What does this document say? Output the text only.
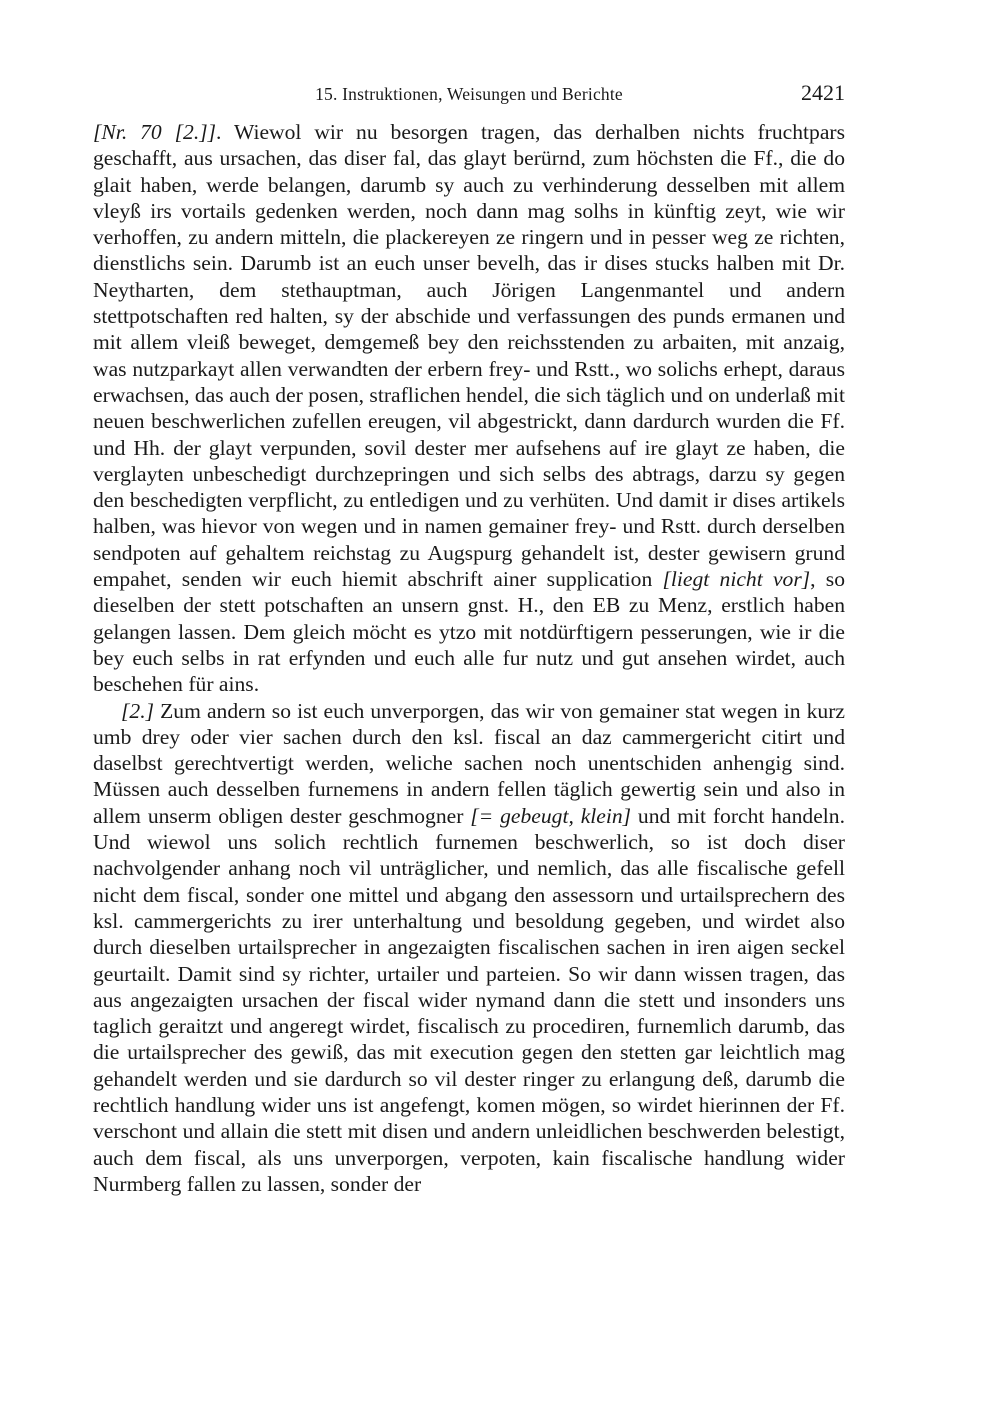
15. Instruktionen, Weisungen und Berichte	2421

[Nr. 70 [2.]]. Wiewol wir nu besorgen tragen, das derhalben nichts fruchtpars geschafft, aus ursachen, das diser fal, das glayt berürnd, zum höchsten die Ff., die do glait haben, werde belangen, darumb sy auch zu verhinderung desselben mit allem vleyß irs vortails gedenken werden, noch dann mag solhs in künftig zeyt, wie wir verhoffen, zu andern mitteln, die plackereyen ze ringern und in pesser weg ze richten, dienstlichs sein. Darumb ist an euch unser bevelh, das ir dises stucks halben mit Dr. Neytharten, dem stethauptman, auch Jörigen Langenmantel und andern stettpotschaften red halten, sy der abschide und verfassungen des punds ermanen und mit allem vleiß beweget, demgemeß bey den reichsstenden zu arbaiten, mit anzaig, was nutzparkayt allen verwandten der erbern frey- und Rstt., wo solichs erhept, daraus erwachsen, das auch der posen, straflichen hendel, die sich täglich und on underlaß mit neuen beschwerlichen zufellen ereugen, vil abgestrickt, dann dardurch wurden die Ff. und Hh. der glayt verpunden, sovil dester mer aufsehens auf ire glayt ze haben, die verglayten unbeschedigt durchzepringen und sich selbs des abtrags, darzu sy gegen den beschedigten verpflicht, zu entledigen und zu verhüten. Und damit ir dises artikels halben, was hievor von wegen und in namen gemainer frey- und Rstt. durch derselben sendpoten auf gehaltem reichstag zu Augspurg gehandelt ist, dester gewisern grund empahet, senden wir euch hiemit abschrift ainer supplication [liegt nicht vor], so dieselben der stett potschaften an unsern gnst. H., den EB zu Menz, erstlich haben gelangen lassen. Dem gleich möcht es ytzo mit notdürftigern pesserungen, wie ir die bey euch selbs in rat erfynden und euch alle fur nutz und gut ansehen wirdet, auch beschehen für ains.

[2.] Zum andern so ist euch unverporgen, das wir von gemainer stat wegen in kurz umb drey oder vier sachen durch den ksl. fiscal an daz cammergericht citirt und daselbst gerechtvertigt werden, weliche sachen noch unentschiden anhengig sind. Müssen auch desselben furnemens in andern fellen täglich gewertig sein und also in allem unserm obligen dester geschmogner [= gebeugt, klein] und mit forcht handeln. Und wiewol uns solich rechtlich furnemen beschwerlich, so ist doch diser nachvolgender anhang noch vil unträglicher, und nemlich, das alle fiscalische gefell nicht dem fiscal, sonder one mittel und abgang den assessorn und urtailsprechern des ksl. cammergerichts zu irer unterhaltung und besoldung gegeben, und wirdet also durch dieselben urtailsprecher in angezaigten fiscalischen sachen in iren aigen seckel geurtailt. Damit sind sy richter, urtailer und parteien. So wir dann wissen tragen, das aus angezaigten ursachen der fiscal wider nymand dann die stett und insonders uns taglich geraitzt und angeregt wirdet, fiscalisch zu procediren, furnemlich darumb, das die urtailsprecher des gewiß, das mit execution gegen den stetten gar leichtlich mag gehandelt werden und sie dardurch so vil dester ringer zu erlangung deß, darumb die rechtlich handlung wider uns ist angefengt, komen mögen, so wirdet hierinnen der Ff. verschont und allain die stett mit disen und andern unleidlichen beschwerden belestigt, auch dem fiscal, als uns unverporgen, verpoten, kain fiscalische handlung wider Nurmberg fallen zu lassen, sonder der
